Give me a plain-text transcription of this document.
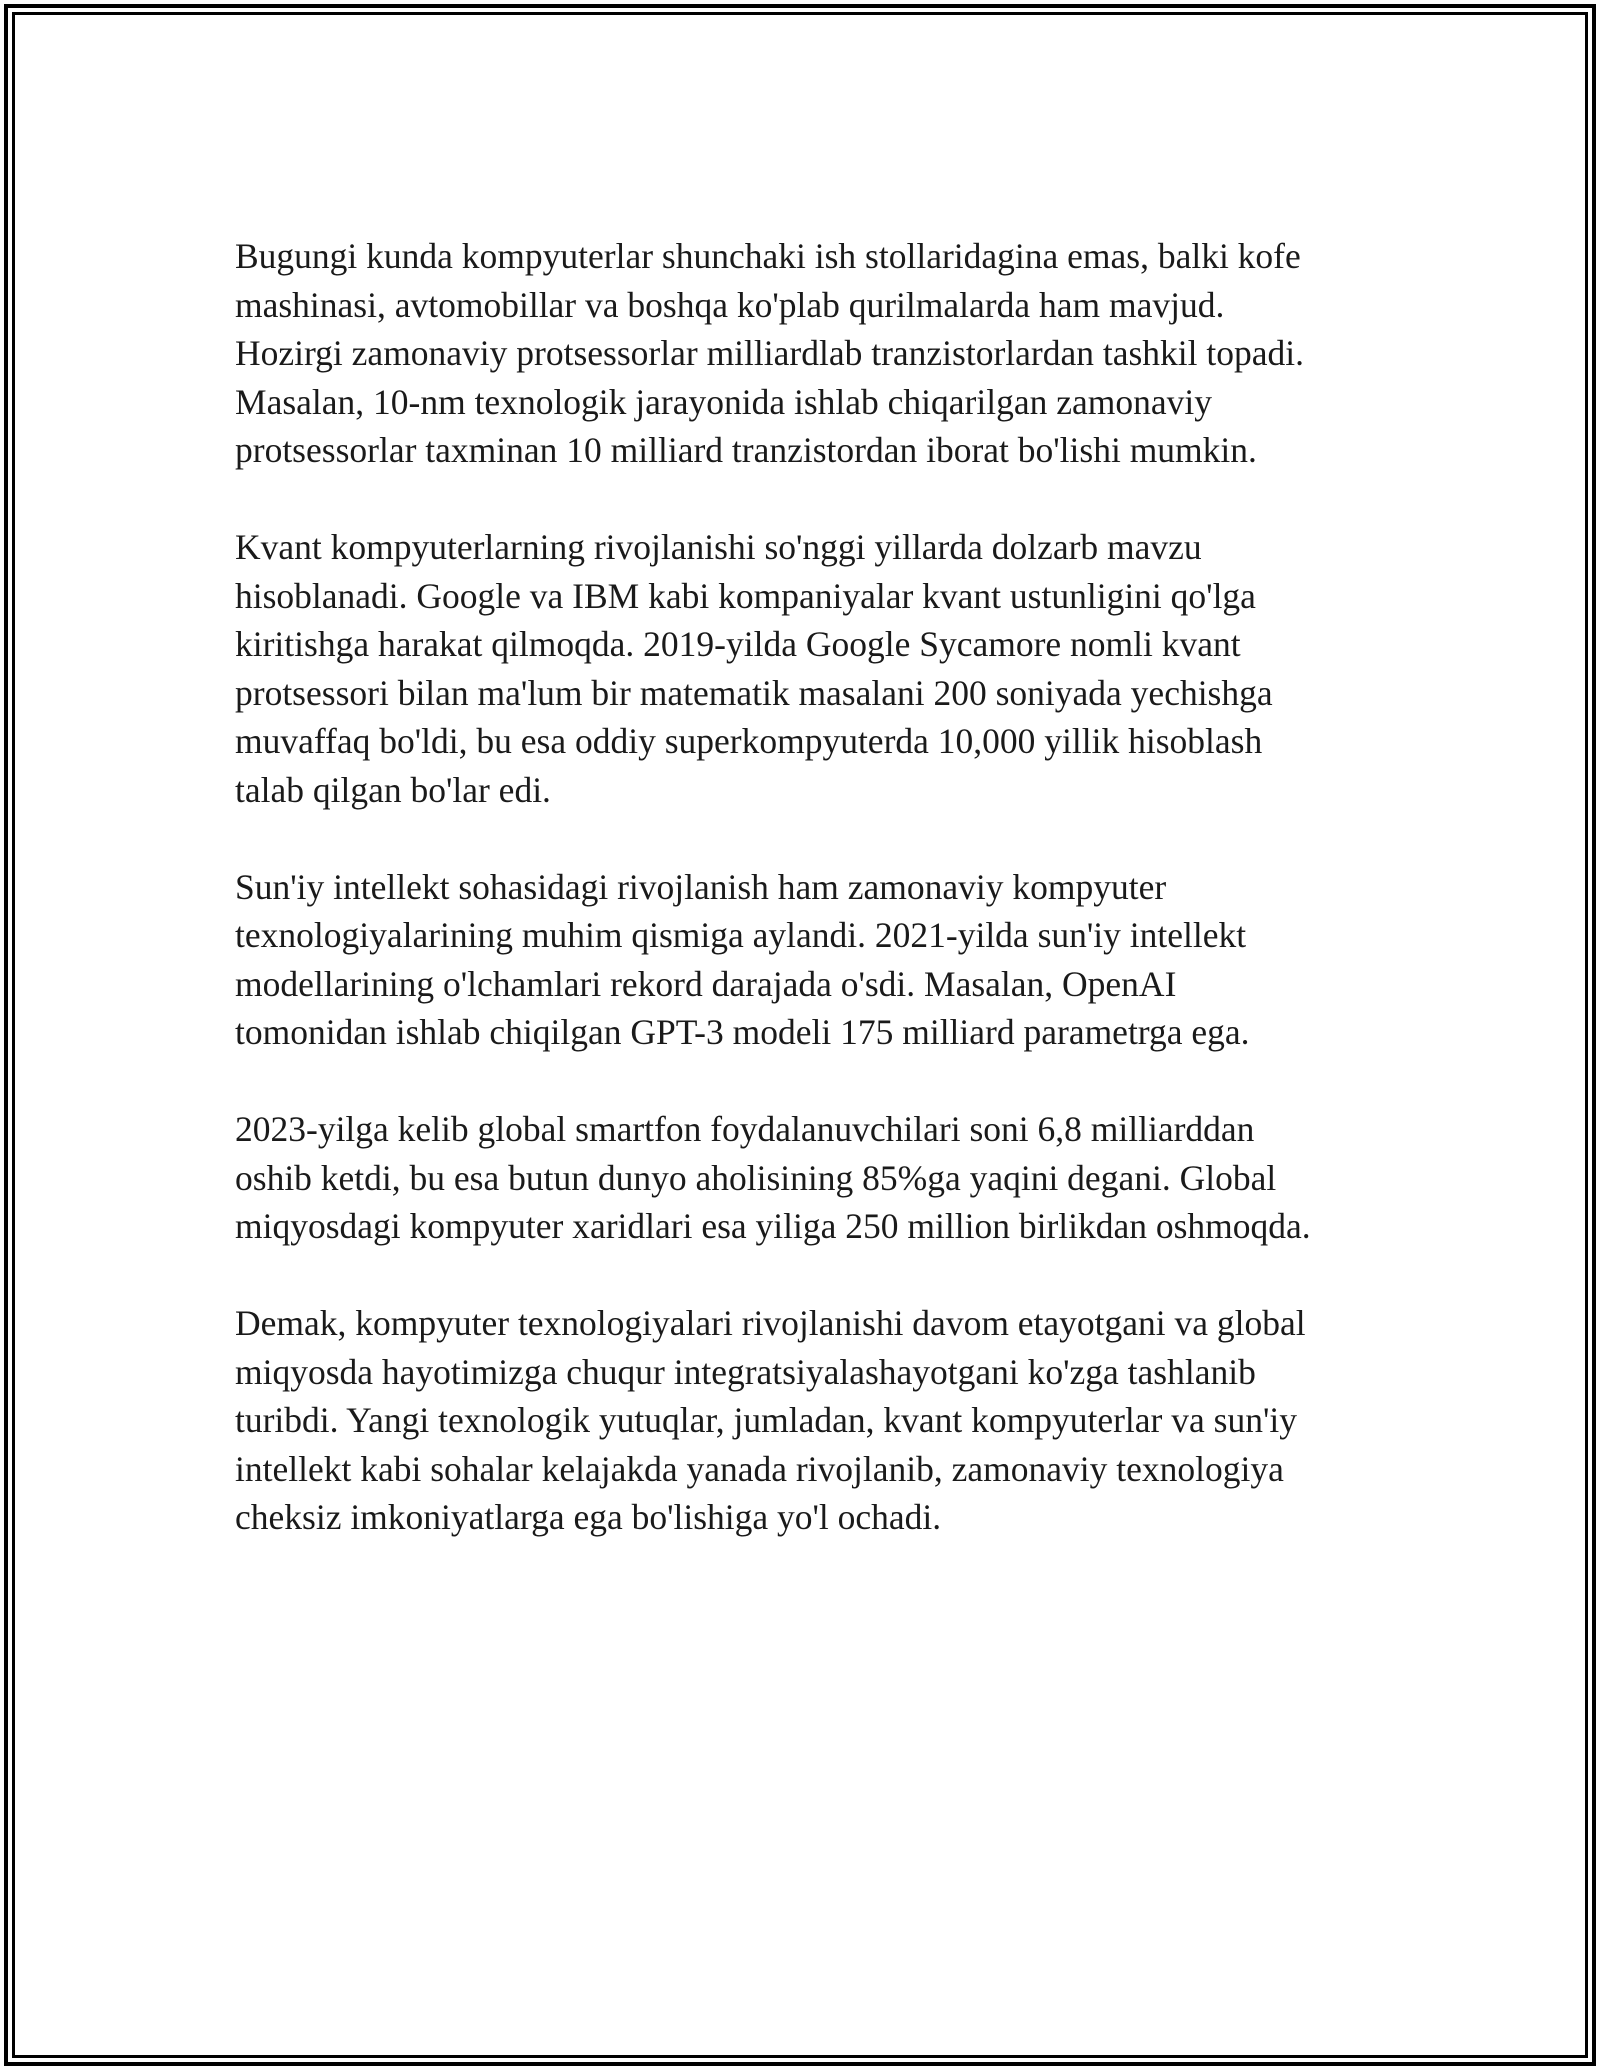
Bugungi kunda kompyuterlar shunchaki ish stollaridagina emas, balki kofe
mashinasi, avtomobillar va boshqa ko'plab qurilmalarda ham mavjud.
Hozirgi zamonaviy protsessorlar milliardlab tranzistorlardan tashkil topadi.
Masalan, 10-nm texnologik jarayonida ishlab chiqarilgan zamonaviy
protsessorlar taxminan 10 milliard tranzistordan iborat bo'lishi mumkin.

Kvant kompyuterlarning rivojlanishi so'nggi yillarda dolzarb mavzu
hisoblanadi. Google va IBM kabi kompaniyalar kvant ustunligini qo'lga
kiritishga harakat qilmoqda. 2019-yilda Google Sycamore nomli kvant
protsessori bilan ma'lum bir matematik masalani 200 soniyada yechishga
muvaffaq bo'ldi, bu esa oddiy superkompyuterda 10,000 yillik hisoblash
talab qilgan bo'lar edi.

Sun'iy intellekt sohasidagi rivojlanish ham zamonaviy kompyuter
texnologiyalarining muhim qismiga aylandi. 2021-yilda sun'iy intellekt
modellarining o'lchamlari rekord darajada o'sdi. Masalan, OpenAI
tomonidan ishlab chiqilgan GPT-3 modeli 175 milliard parametrga ega.

2023-yilga kelib global smartfon foydalanuvchilari soni 6,8 milliarddan
oshib ketdi, bu esa butun dunyo aholisining 85%ga yaqini degani. Global
miqyosdagi kompyuter xaridlari esa yiliga 250 million birlikdan oshmoqda.

Demak, kompyuter texnologiyalari rivojlanishi davom etayotgani va global
miqyosda hayotimizga chuqur integratsiyalashayotgani ko'zga tashlanib
turibdi. Yangi texnologik yutuqlar, jumladan, kvant kompyuterlar va sun'iy
intellekt kabi sohalar kelajakda yanada rivojlanib, zamonaviy texnologiya
cheksiz imkoniyatlarga ega bo'lishiga yo'l ochadi.
